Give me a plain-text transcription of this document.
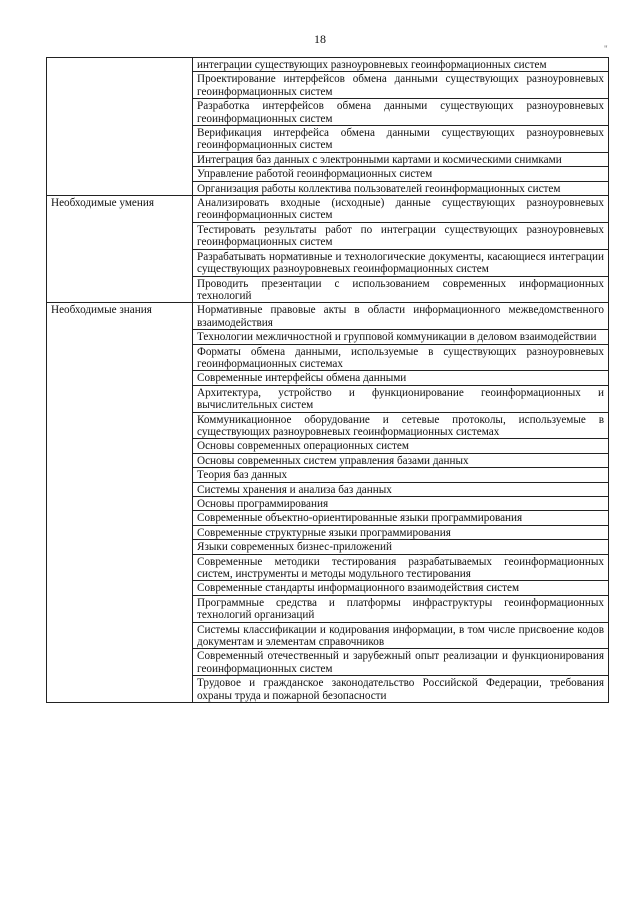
18
"
	интеграции существующих разноуровневых геоинформационных систем
	Проектирование интерфейсов обмена данными существующих разноуровневых геоинформационных систем
	Разработка интерфейсов обмена данными существующих разноуровневых геоинформационных систем
	Верификация интерфейса обмена данными существующих разноуровневых геоинформационных систем
	Интеграция баз данных с электронными картами и космическими снимками
	Управление работой геоинформационных систем
	Организация работы коллектива пользователей геоинформационных систем
Необходимые умения	Анализировать входные (исходные) данные существующих разноуровневых геоинформационных систем
	Тестировать результаты работ по интеграции существующих разноуровневых геоинформационных систем
	Разрабатывать нормативные и технологические документы, касающиеся интеграции существующих разноуровневых геоинформационных систем
	Проводить презентации с использованием современных информационных технологий
Необходимые знания	Нормативные правовые акты в области информационного межведомственного взаимодействия
	Технологии межличностной и групповой коммуникации в деловом взаимодействии
	Форматы обмена данными, используемые в существующих разноуровневых геоинформационных системах
	Современные интерфейсы обмена данными
	Архитектура, устройство и функционирование геоинформационных и вычислительных систем
	Коммуникационное оборудование и сетевые протоколы, используемые в существующих разноуровневых геоинформационных системах
	Основы современных операционных систем
	Основы современных систем управления базами данных
	Теория баз данных
	Системы хранения и анализа баз данных
	Основы программирования
	Современные объектно-ориентированные языки программирования
	Современные структурные языки программирования
	Языки современных бизнес-приложений
	Современные методики тестирования разрабатываемых геоинформационных систем, инструменты и методы модульного тестирования
	Современные стандарты информационного взаимодействия систем
	Программные средства и платформы инфраструктуры геоинформационных технологий организаций
	Системы классификации и кодирования информации, в том числе присвоение кодов документам и элементам справочников
	Современный отечественный и зарубежный опыт реализации и функционирования геоинформационных систем
	Трудовое и гражданское законодательство Российской Федерации, требования охраны труда и пожарной безопасности
